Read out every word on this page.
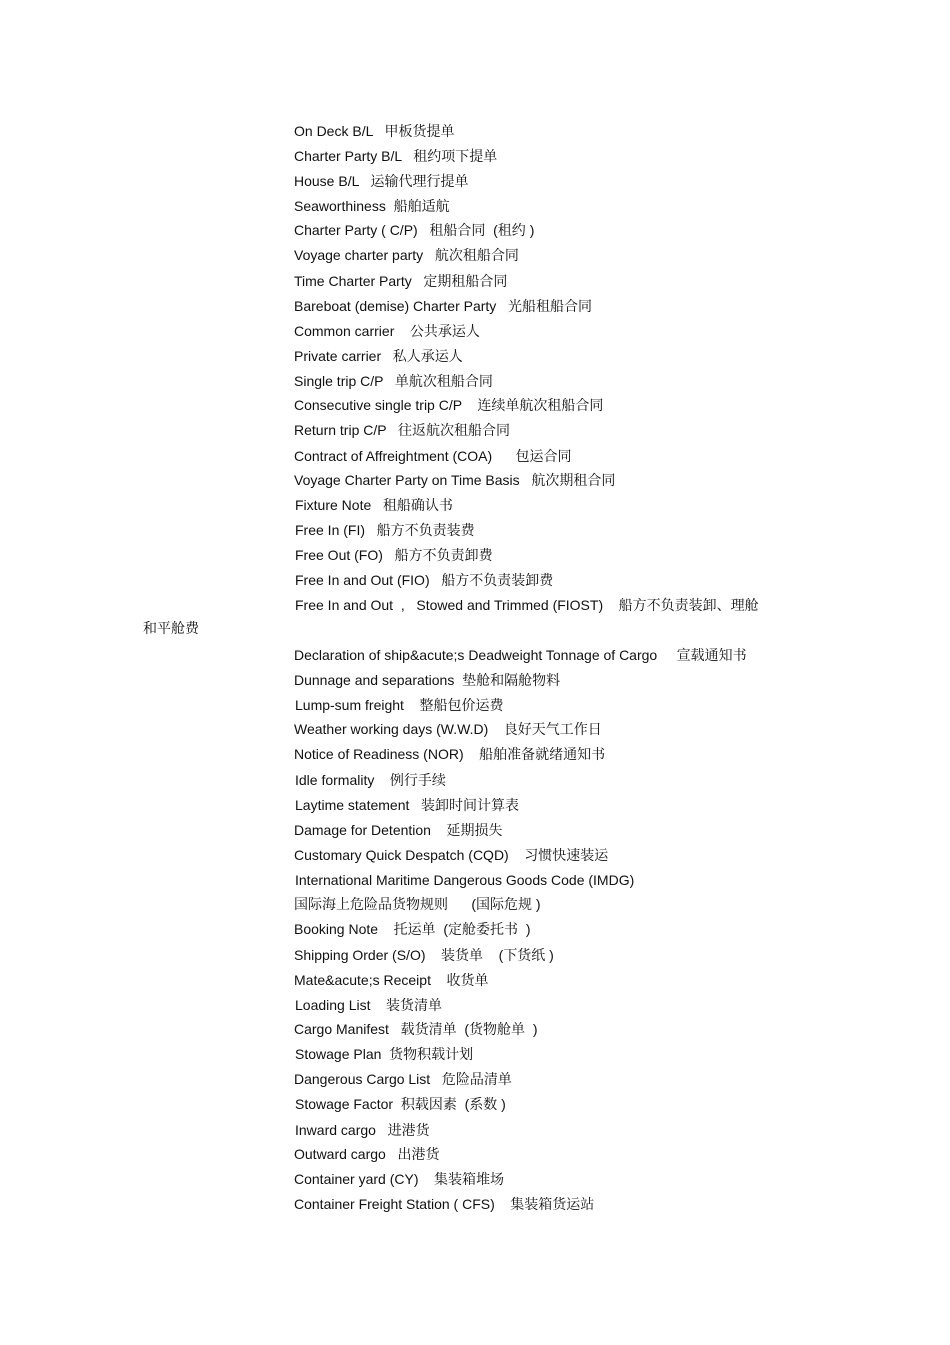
On Deck B/L   甲板货提单

Charter Party B/L   租约项下提单

House B/L   运输代理行提单

Seaworthiness  船舶适航

Charter Party ( C/P)   租船合同  (租约 )

Voyage charter party   航次租船合同

Time Charter Party   定期租船合同

Bareboat (demise) Charter Party   光船租船合同

Common carrier    公共承运人

Private carrier   私人承运人

Single trip C/P   单航次租船合同

Consecutive single trip C/P    连续单航次租船合同

Return trip C/P   往返航次租船合同

Contract of Affreightment (COA)      包运合同

Voyage Charter Party on Time Basis   航次期租合同

Fixture Note   租船确认书

Free In (FI)   船方不负责装费

Free Out (FO)   船方不负责卸费

Free In and Out (FIO)   船方不负责装卸费

Free In and Out  ,   Stowed and Trimmed (FIOST)    船方不负责装卸、理舱

和平舱费

Declaration of ship&acute;s Deadweight Tonnage of Cargo     宣载通知书

Dunnage and separations  垫舱和隔舱物料

Lump-sum freight    整船包价运费

Weather working days (W.W.D)    良好天气工作日

Notice of Readiness (NOR)    船舶准备就绪通知书

Idle formality    例行手续

Laytime statement   装卸时间计算表

Damage for Detention    延期损失

Customary Quick Despatch (CQD)    习惯快速装运

International Maritime Dangerous Goods Code (IMDG)

国际海上危险品货物规则      (国际危规 )

Booking Note    托运单  (定舱委托书  )

Shipping Order (S/O)    装货单    (下货纸 )

Mate&acute;s Receipt    收货单

Loading List    装货清单

Cargo Manifest   载货清单  (货物舱单  )

Stowage Plan  货物积载计划

Dangerous Cargo List   危险品清单

Stowage Factor  积载因素  (系数 )

Inward cargo   进港货

Outward cargo   出港货

Container yard (CY)    集装箱堆场

Container Freight Station ( CFS)    集装箱货运站
